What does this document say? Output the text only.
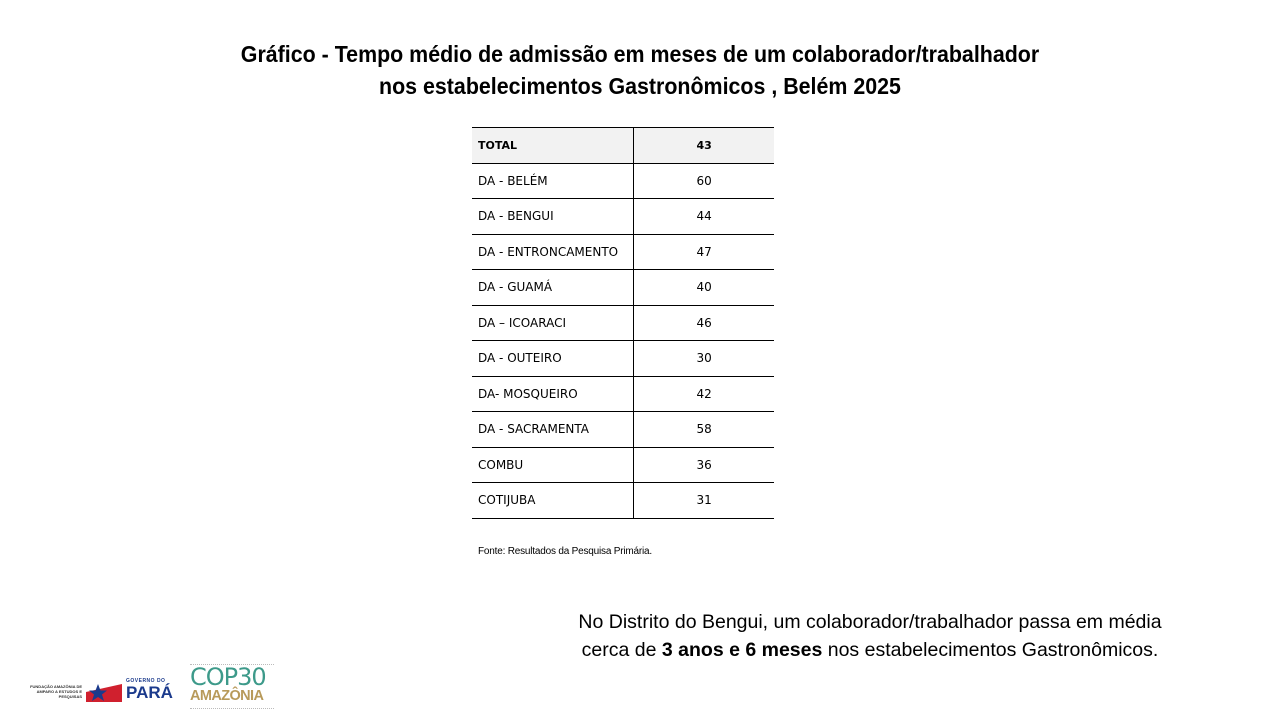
Gráfico - Tempo médio de admissão em meses de um colaborador/trabalhador
nos estabelecimentos Gastronômicos , Belém 2025
TOTAL	43
DA - BELÉM	60
DA - BENGUI	44
DA - ENTRONCAMENTO	47
DA - GUAMÁ	40
DA – ICOARACI	46
DA - OUTEIRO	30
DA- MOSQUEIRO	42
DA - SACRAMENTA	58
COMBU	36
COTIJUBA	31
Fonte: Resultados da Pesquisa Primária.
No Distrito do Bengui, um colaborador/trabalhador passa em média
cerca de 3 anos e 6 meses nos estabelecimentos Gastronômicos.
FUNDAÇÃO AMAZÔNIA DE AMPARO A ESTUDOS E PESQUISAS
GOVERNO DO
PARÁ
COP30
AMAZÔNIA
